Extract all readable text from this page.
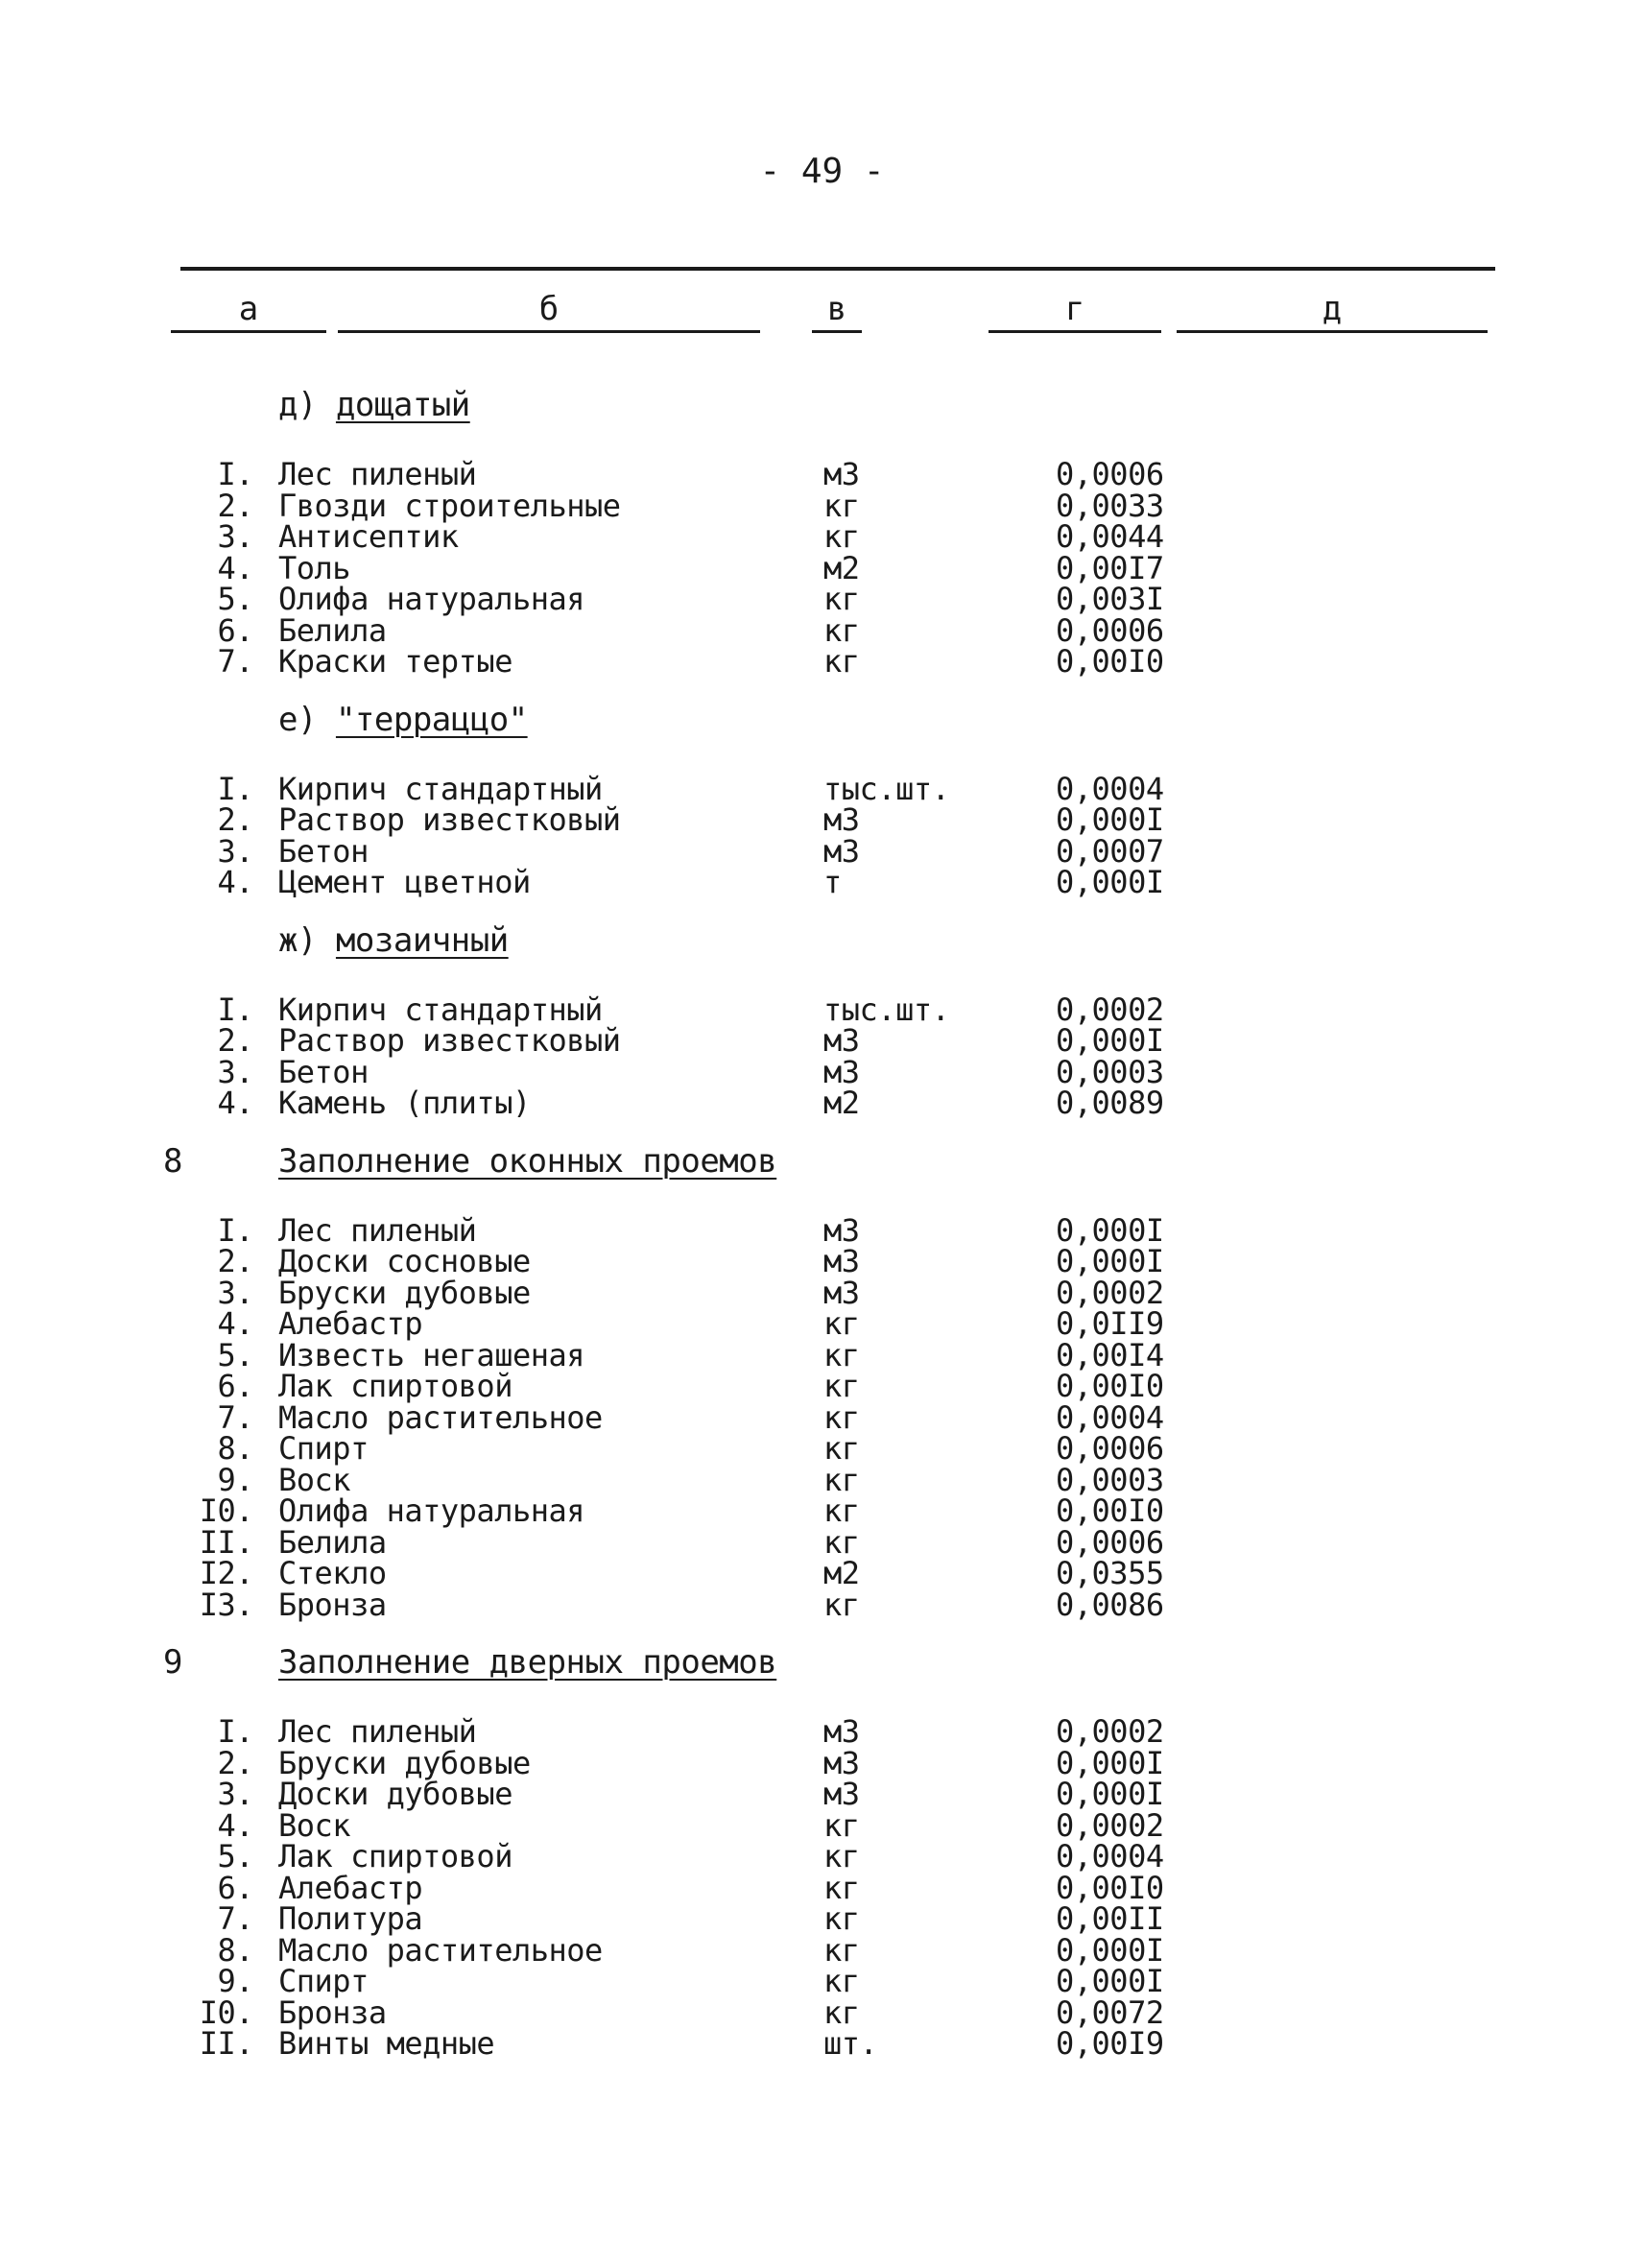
- 49 -
а	б	в	г	д
д) дощатый
I. Лес пиленый	м3	0,0006
2. Гвозди строительные	кг	0,0033
3. Антисептик	кг	0,0044
4. Толь	м2	0,00I7
5. Олифа натуральная	кг	0,003I
6. Белила	кг	0,0006
7. Краски тертые	кг	0,00I0
е) "терраццо"
I. Кирпич стандартный	тыс.шт.	0,0004
2. Раствор известковый	м3	0,000I
3. Бетон	м3	0,0007
4. Цемент цветной	т	0,000I
ж) мозаичный
I. Кирпич стандартный	тыс.шт.	0,0002
2. Раствор известковый	м3	0,000I
3. Бетон	м3	0,0003
4. Камень (плиты)	м2	0,0089
8	Заполнение оконных проемов
I. Лес пиленый	м3	0,000I
2. Доски сосновые	м3	0,000I
3. Бруски дубовые	м3	0,0002
4. Алебастр	кг	0,0II9
5. Известь негашеная	кг	0,00I4
6. Лак спиртовой	кг	0,00I0
7. Масло растительное	кг	0,0004
8. Спирт	кг	0,0006
9. Воск	кг	0,0003
I0. Олифа натуральная	кг	0,00I0
II. Белила	кг	0,0006
I2. Стекло	м2	0,0355
I3. Бронза	кг	0,0086
9	Заполнение дверных проемов
I. Лес пиленый	м3	0,0002
2. Бруски дубовые	м3	0,000I
3. Доски дубовые	м3	0,000I
4. Воск	кг	0,0002
5. Лак спиртовой	кг	0,0004
6. Алебастр	кг	0,00I0
7. Политура	кг	0,00II
8. Масло растительное	кг	0,000I
9. Спирт	кг	0,000I
I0. Бронза	кг	0,0072
II. Винты медные	шт.	0,00I9
